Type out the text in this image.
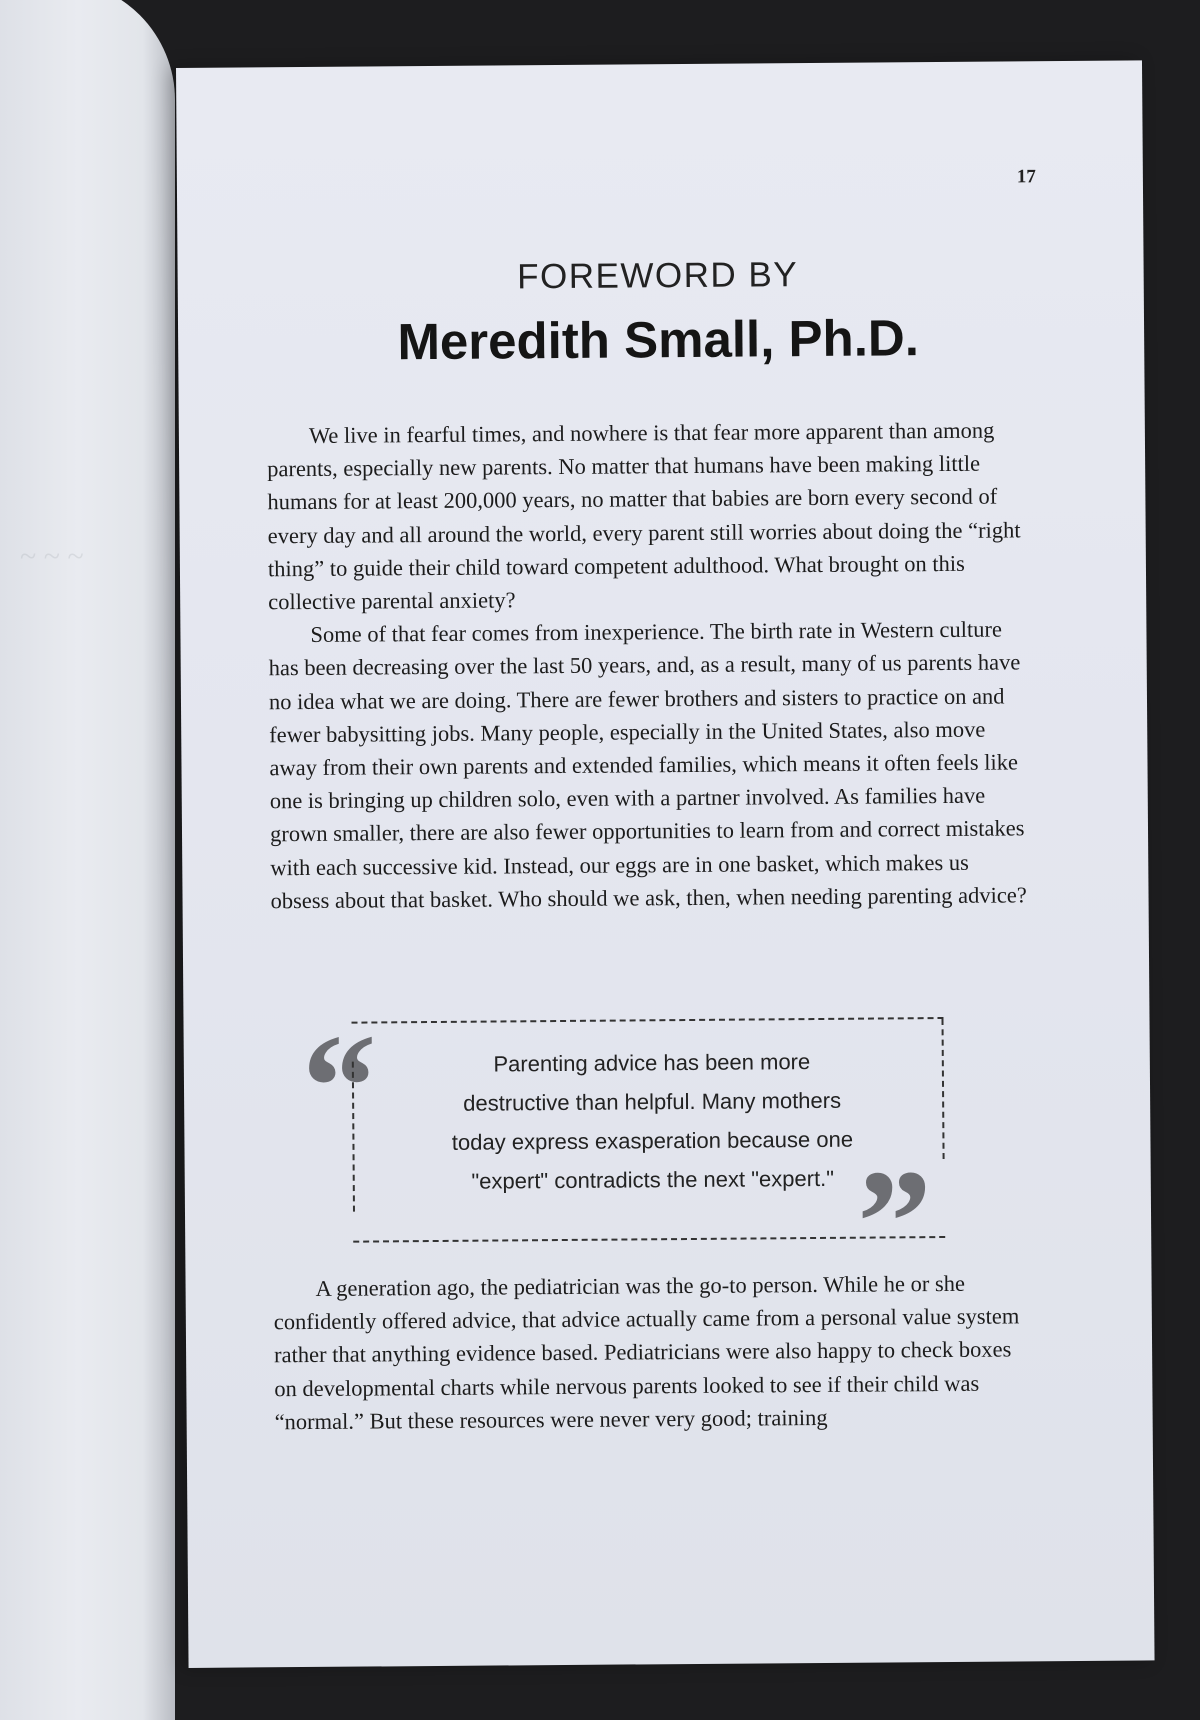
~ ~ ~
17
FOREWORD BY
Meredith Small, Ph.D.

We live in fearful times, and nowhere is that fear more apparent than among parents, especially new parents. No matter that humans have been making little humans for at least 200,000 years, no matter that babies are born every second of every day and all around the world, every parent still worries about doing the “right thing” to guide their child toward competent adulthood. What brought on this collective parental anxiety?

Some of that fear comes from inexperience. The birth rate in Western culture has been decreasing over the last 50 years, and, as a result, many of us parents have no idea what we are doing. There are fewer brothers and sisters to practice on and fewer babysitting jobs. Many people, especially in the United States, also move away from their own parents and extended families, which means it often feels like one is bringing up children solo, even with a partner involved. As families have grown smaller, there are also fewer opportunities to learn from and correct mistakes with each successive kid. Instead, our eggs are in one basket, which makes us obsess about that basket. Who should we ask, then, when needing parenting advice?

“	Parenting advice has been more
destructive than helpful. Many mothers
today express exasperation because one
"expert" contradicts the next "expert." ”

A generation ago, the pediatrician was the go-to person. While he or she confidently offered advice, that advice actually came from a personal value system rather that anything evidence based. Pediatricians were also happy to check boxes on developmental charts while nervous parents looked to see if their child was “normal.” But these resources were never very good; training
